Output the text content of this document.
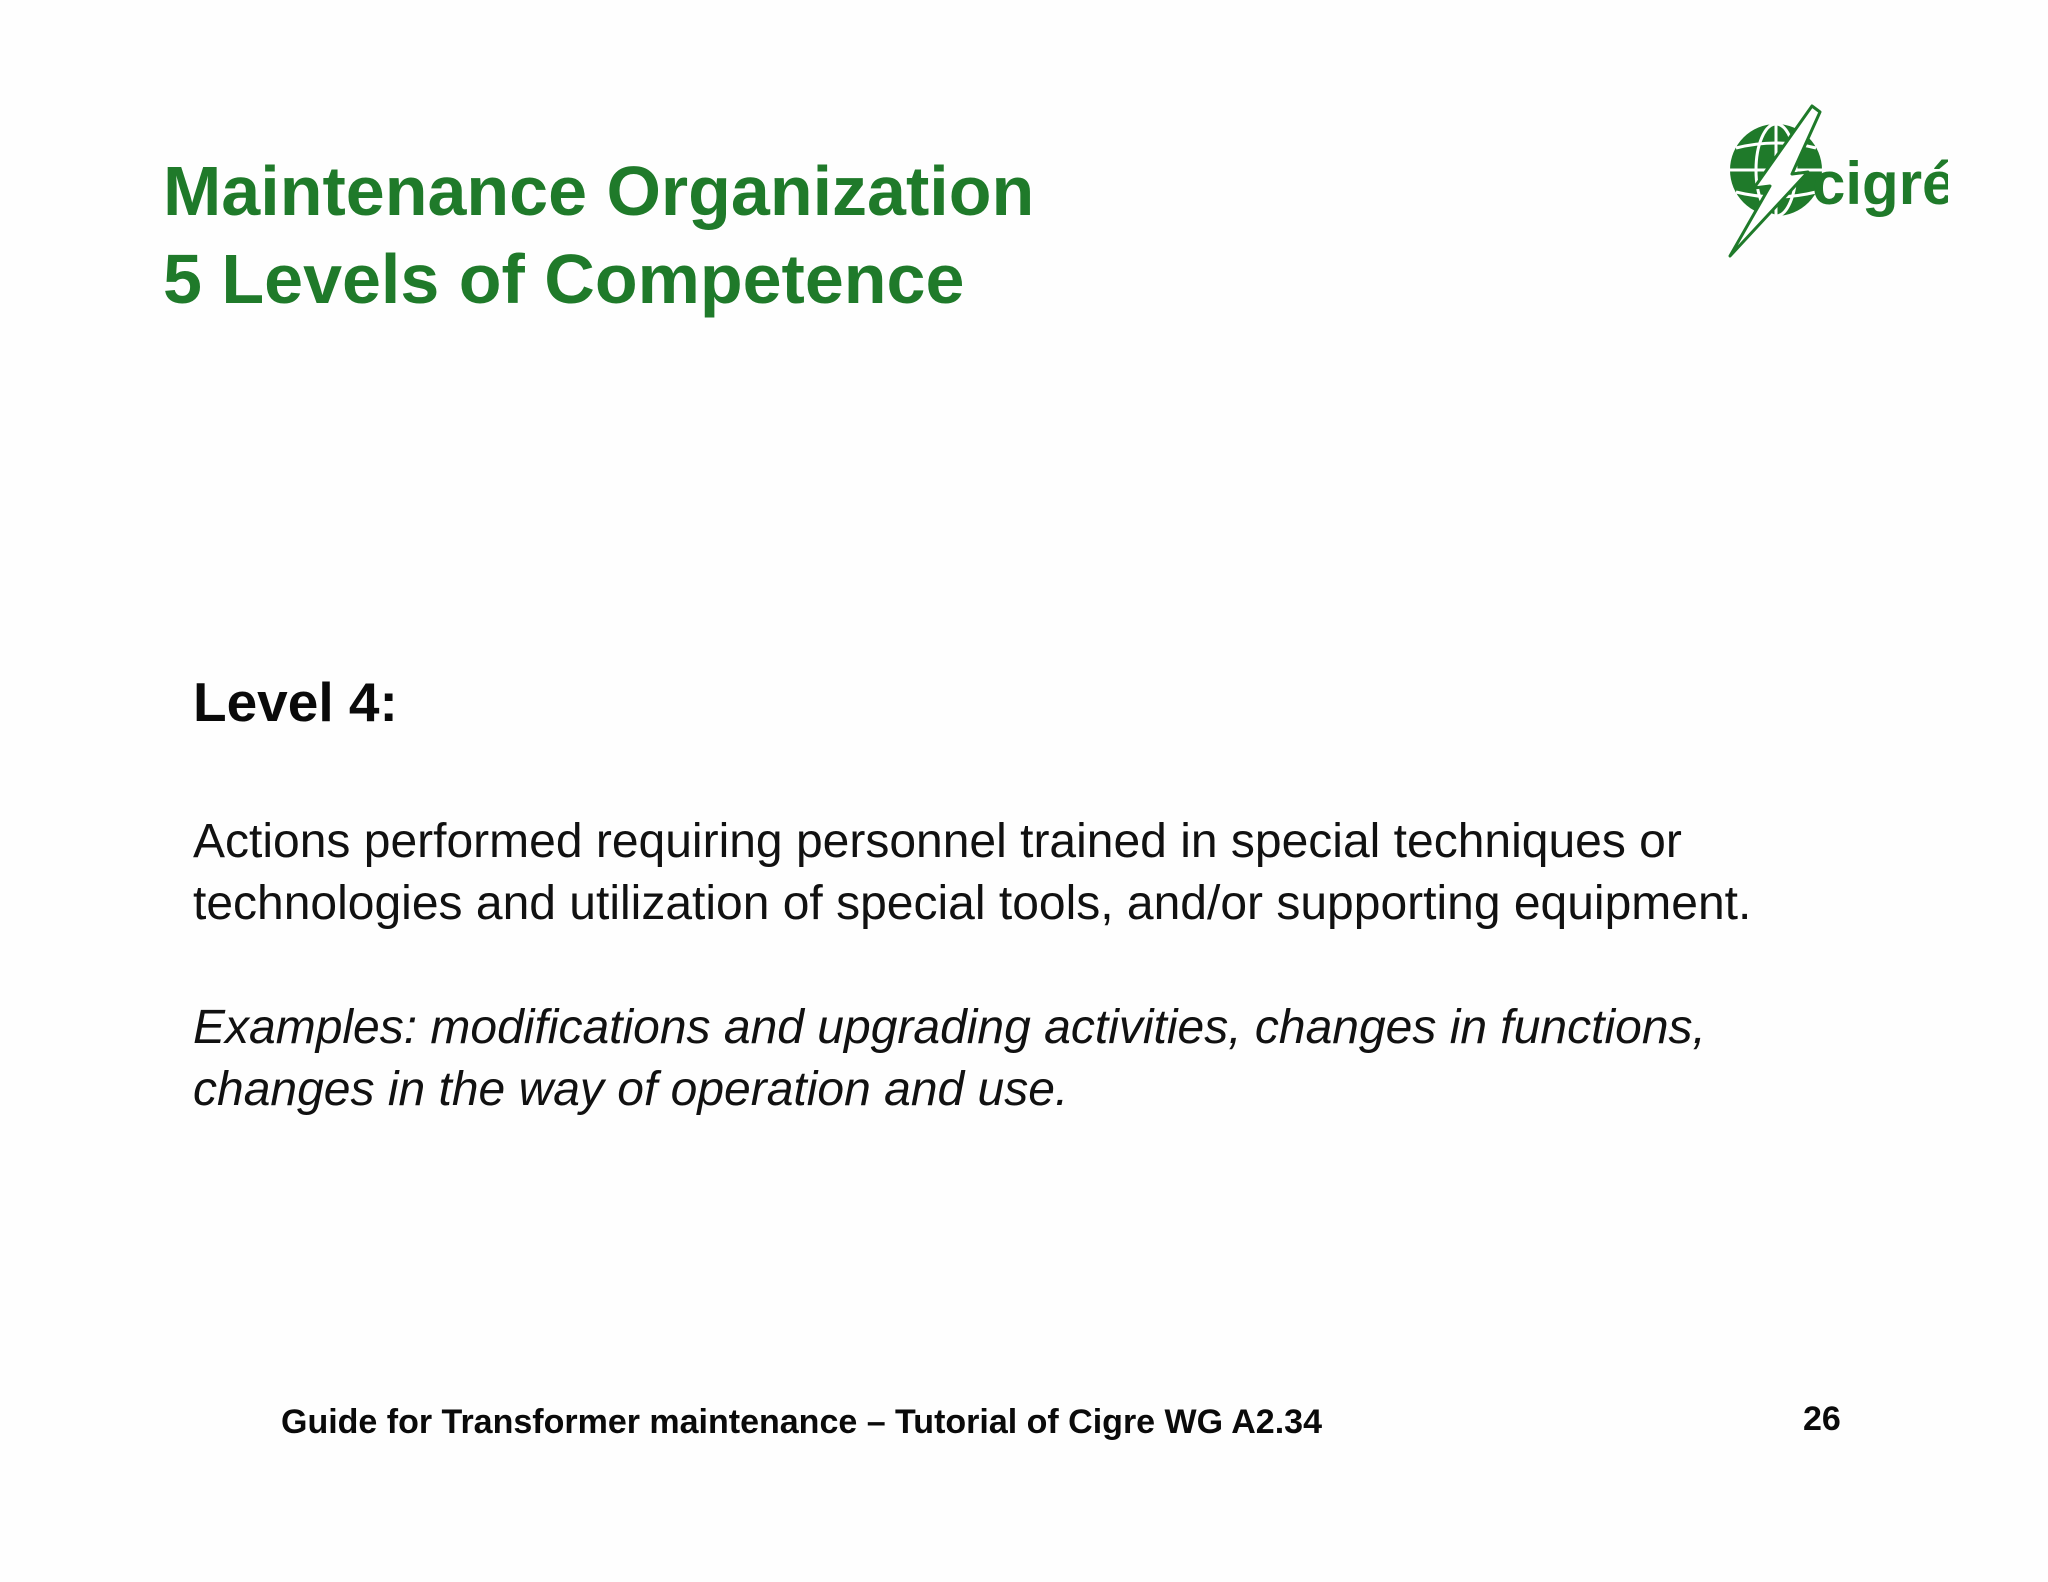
Maintenance Organization
5 Levels of Competence
cigré
Level 4:

Actions performed requiring personnel trained in special techniques or
technologies and utilization of special tools, and/or supporting equipment.

Examples: modifications and upgrading activities, changes in functions,
changes in the way of operation and use.

Guide for Transformer maintenance – Tutorial of Cigre WG A2.34	26
